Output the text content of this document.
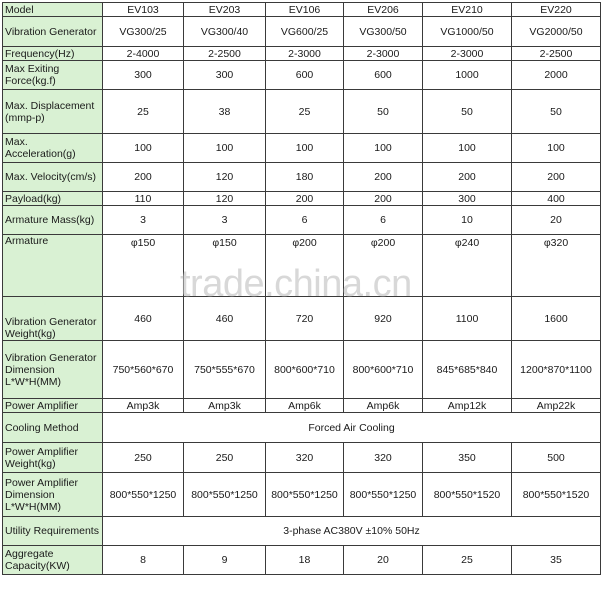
Model	EV103	EV203	EV106	EV206	EV210	EV220
Vibration Generator	VG300/25	VG300/40	VG600/25	VG300/50	VG1000/50	VG2000/50
Frequency(Hz)	2-4000	2-2500	2-3000	2-3000	2-3000	2-2500
Max Exiting Force(kg.f)	300	300	600	600	1000	2000
Max. Displacement (mmp-p)	25	38	25	50	50	50
Max. Acceleration(g)	100	100	100	100	100	100
Max. Velocity(cm/s)	200	120	180	200	200	200
Payload(kg)	110	120	200	200	300	400
Armature Mass(kg)	3	3	6	6	10	20
Armature	φ150	φ150	φ200	φ200	φ240	φ320

Vibration Generator Weight(kg)	460	460	720	920	1100	1600
Vibration Generator Dimension L*W*H(MM)	750*560*670	750*555*670	800*600*710	800*600*710	845*685*840	1200*870*1100
Power Amplifier	Amp3k	Amp3k	Amp6k	Amp6k	Amp12k	Amp22k
Cooling Method	Forced Air Cooling					
Power Amplifier Weight(kg)	250	250	320	320	350	500
Power Amplifier Dimension L*W*H(MM)	800*550*1250	800*550*1250	800*550*1250	800*550*1250	800*550*1520	800*550*1520
Utility Requirements	3-phase AC380V ±10% 50Hz					
Aggregate Capacity(KW)	8	9	18	20	25	35
trade.china.cn
